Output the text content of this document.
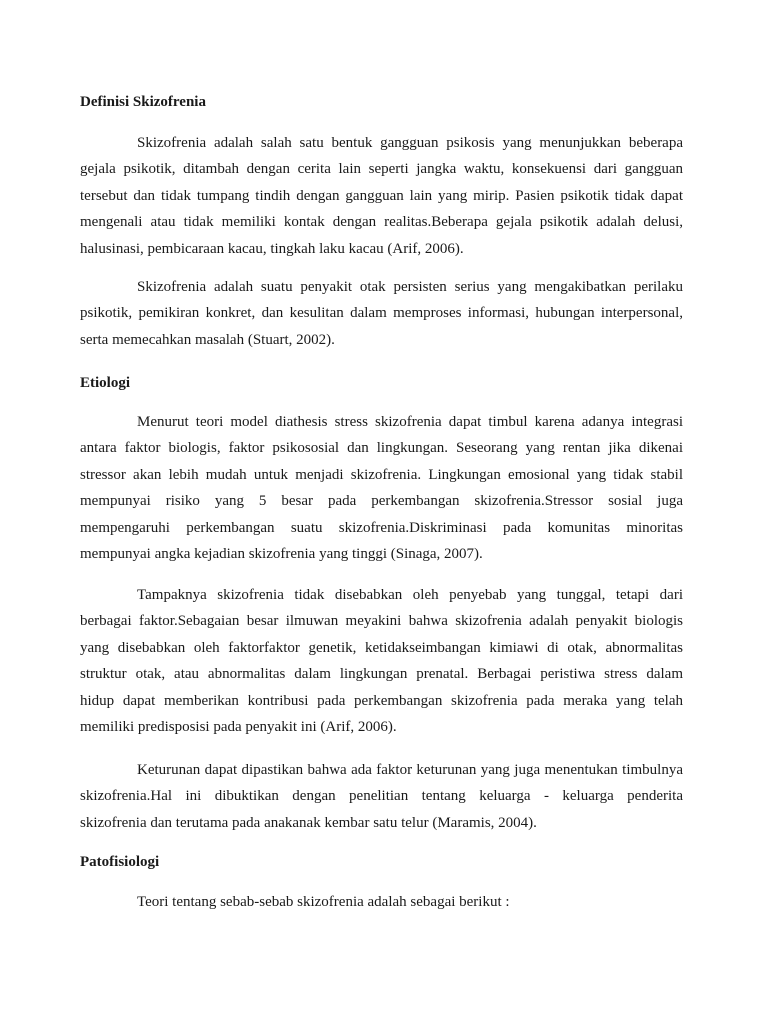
Definisi Skizofrenia
Skizofrenia adalah salah satu bentuk gangguan psikosis yang menunjukkan beberapa
gejala psikotik, ditambah dengan cerita lain seperti jangka waktu, konsekuensi dari gangguan
tersebut dan tidak tumpang tindih dengan gangguan lain yang mirip. Pasien psikotik tidak dapat
mengenali atau tidak memiliki kontak dengan realitas.Beberapa gejala psikotik adalah delusi,
halusinasi, pembicaraan kacau, tingkah laku kacau (Arif, 2006).
Skizofrenia adalah suatu penyakit otak persisten serius yang mengakibatkan perilaku
psikotik, pemikiran konkret, dan kesulitan dalam memproses informasi, hubungan interpersonal,
serta memecahkan masalah (Stuart, 2002).
Etiologi
Menurut teori model diathesis stress skizofrenia dapat timbul karena adanya integrasi
antara faktor biologis, faktor psikososial dan lingkungan. Seseorang yang rentan jika dikenai
stressor akan lebih mudah untuk menjadi skizofrenia. Lingkungan emosional yang tidak stabil
mempunyai risiko yang 5 besar pada perkembangan skizofrenia.Stressor sosial juga
mempengaruhi perkembangan suatu skizofrenia.Diskriminasi pada komunitas minoritas
mempunyai angka kejadian skizofrenia yang tinggi (Sinaga, 2007).
Tampaknya skizofrenia tidak disebabkan oleh penyebab yang tunggal, tetapi dari
berbagai faktor.Sebagaian besar ilmuwan meyakini bahwa skizofrenia adalah penyakit biologis
yang disebabkan oleh faktorfaktor genetik, ketidakseimbangan kimiawi di otak, abnormalitas
struktur otak, atau abnormalitas dalam lingkungan prenatal. Berbagai peristiwa stress dalam
hidup dapat memberikan kontribusi pada perkembangan skizofrenia pada meraka yang telah
memiliki predisposisi pada penyakit ini (Arif, 2006).
Keturunan dapat dipastikan bahwa ada faktor keturunan yang juga menentukan timbulnya
skizofrenia.Hal ini dibuktikan dengan penelitian tentang keluarga - keluarga penderita
skizofrenia dan terutama pada anakanak kembar satu telur (Maramis, 2004).
Patofisiologi
Teori tentang sebab-sebab skizofrenia adalah sebagai berikut :
